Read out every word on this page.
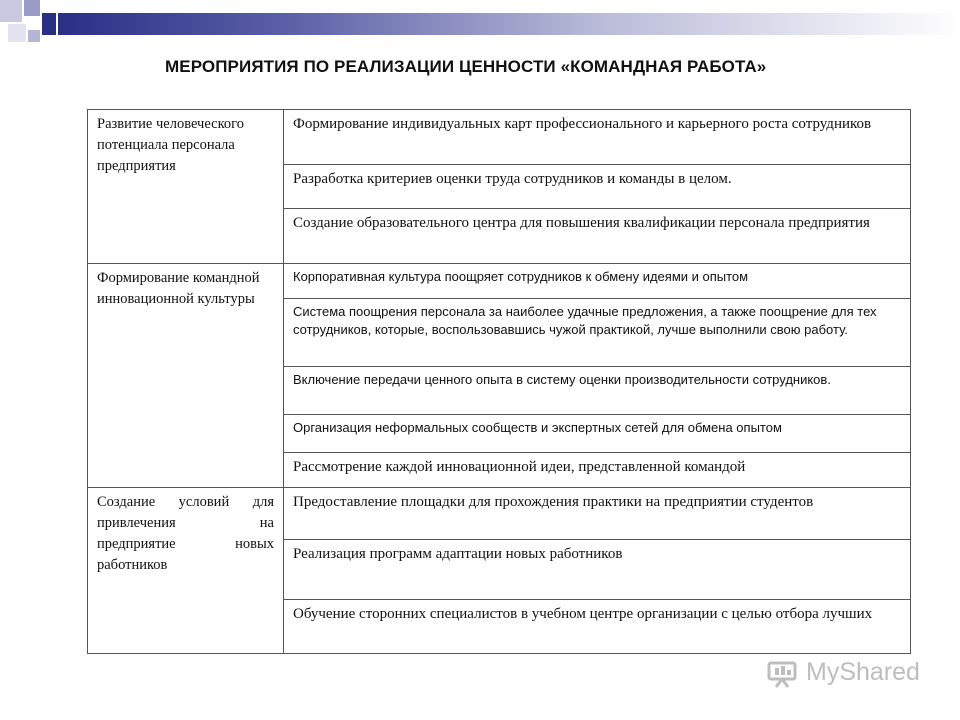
МЕРОПРИЯТИЯ ПО РЕАЛИЗАЦИИ ЦЕННОСТИ «КОМАНДНАЯ РАБОТА»
Развитие человеческого потенциала персонала предприятия	Формирование индивидуальных карт профессионального и карьерного роста сотрудников
	Разработка критериев оценки труда сотрудников и команды в целом.
	Создание образовательного центра для повышения квалификации персонала предприятия
Формирование командной инновационной культуры	Корпоративная культура поощряет сотрудников к обмену идеями и опытом
	Система поощрения персонала за наиболее удачные предложения, а также поощрение для тех сотрудников, которые, воспользовавшись чужой практикой, лучше выполнили свою работу.
	Включение передачи ценного опыта в систему оценки производительности сотрудников.
	Организация неформальных сообществ и экспертных сетей для обмена опытом
	Рассмотрение каждой инновационной идеи, представленной командой
Создание условий для привлечения на предприятие новых работников	Предоставление площадки для прохождения практики на предприятии студентов
	Реализация программ адаптации новых работников
	Обучение сторонних специалистов в учебном центре организации с целью отбора лучших
MyShared
